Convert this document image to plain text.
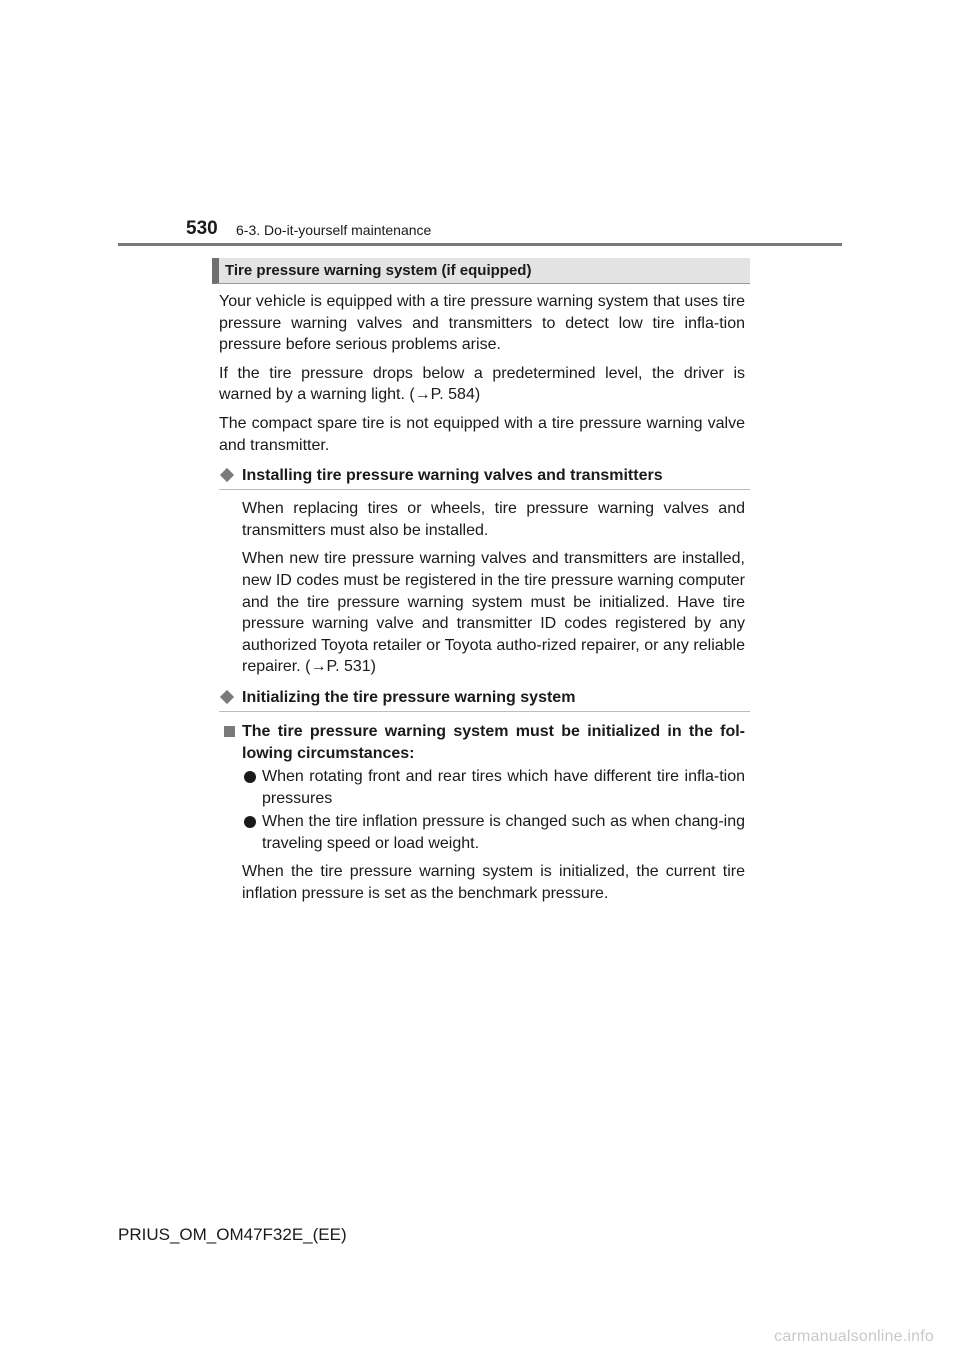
530 6-3. Do-it-yourself maintenance
Tire pressure warning system (if equipped)

Your vehicle is equipped with a tire pressure warning system that uses tire pressure warning valves and transmitters to detect low tire infla-tion pressure before serious problems arise.

If the tire pressure drops below a predetermined level, the driver is warned by a warning light. (→P. 584)

The compact spare tire is not equipped with a tire pressure warning valve and transmitter.

Installing tire pressure warning valves and transmitters

When replacing tires or wheels, tire pressure warning valves and transmitters must also be installed.

When new tire pressure warning valves and transmitters are installed, new ID codes must be registered in the tire pressure warning computer and the tire pressure warning system must be initialized. Have tire pressure warning valve and transmitter ID codes registered by any authorized Toyota retailer or Toyota autho-rized repairer, or any reliable repairer. (→P. 531)

Initializing the tire pressure warning system
The tire pressure warning system must be initialized in the fol-lowing circumstances:
When rotating front and rear tires which have different tire infla-tion pressures
When the tire inflation pressure is changed such as when chang-ing traveling speed or load weight.

When the tire pressure warning system is initialized, the current tire inflation pressure is set as the benchmark pressure.

PRIUS_OM_OM47F32E_(EE)
carmanualsonline.info
